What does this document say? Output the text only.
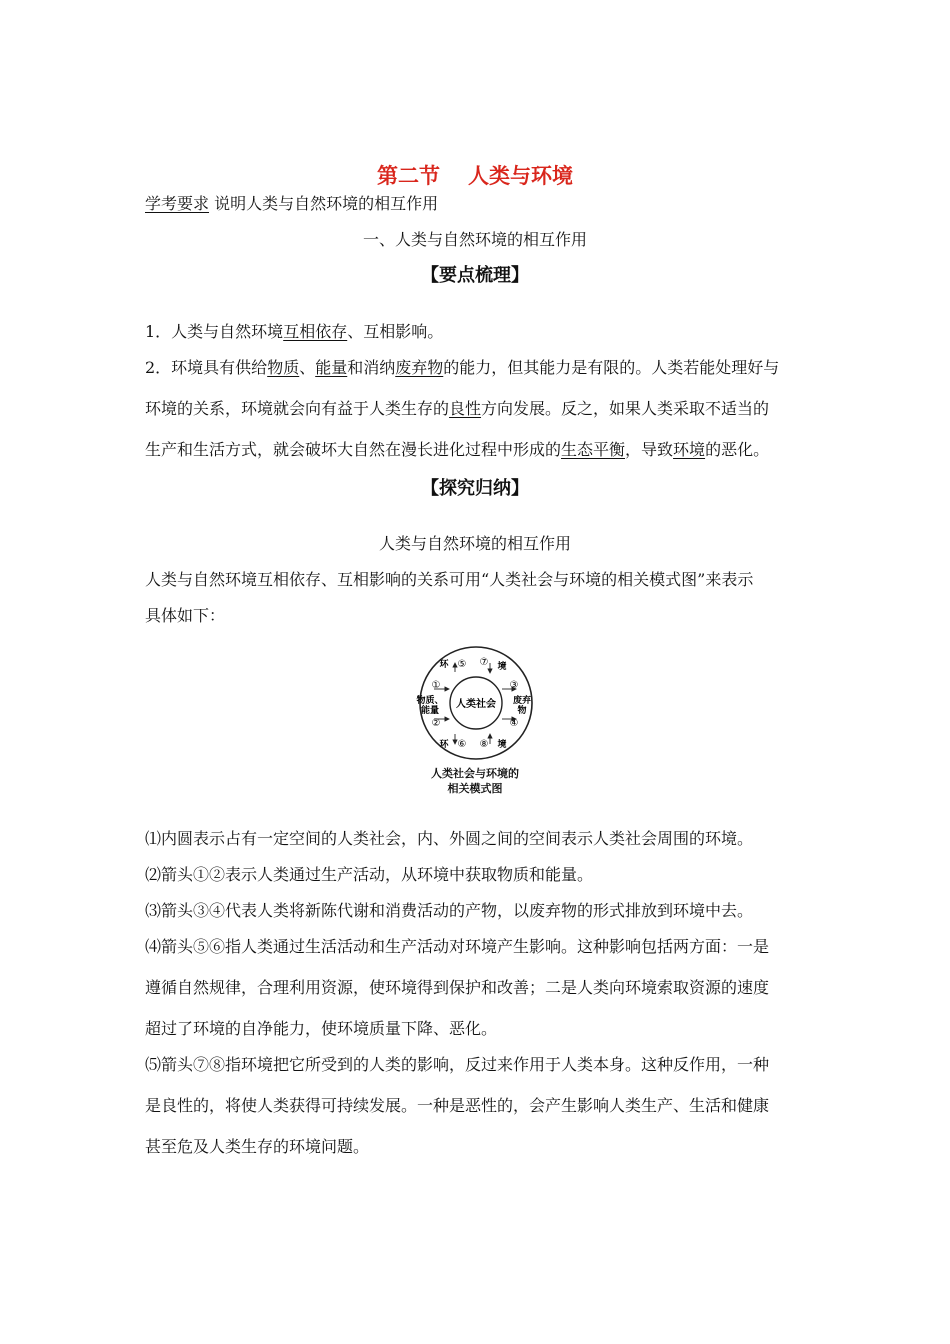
第二节 人类与环境
学考要求 说明人类与自然环境的相互作用
一、人类与自然环境的相互作用
【要点梳理】
1．人类与自然环境互相依存、互相影响。
2．环境具有供给物质、能量和消纳废弃物的能力，但其能力是有限的。人类若能处理好与
环境的关系，环境就会向有益于人类生存的良性方向发展。反之，如果人类采取不适当的
生产和生活方式，就会破坏大自然在漫长进化过程中形成的生态平衡，导致环境的恶化。
【探究归纳】
人类与自然环境的相互作用
人类与自然环境互相依存、互相影响的关系可用“人类社会与环境的相关模式图”来表示
具体如下：
人类社会
环 ⑤ ⑦ 境
环 ⑥ ⑧ 境
①
物质、
能量
②
③
废弃
物
④
人类社会与环境的
相关模式图
⑴内圆表示占有一定空间的人类社会，内、外圆之间的空间表示人类社会周围的环境。
⑵箭头①②表示人类通过生产活动，从环境中获取物质和能量。
⑶箭头③④代表人类将新陈代谢和消费活动的产物，以废弃物的形式排放到环境中去。
⑷箭头⑤⑥指人类通过生活活动和生产活动对环境产生影响。这种影响包括两方面：一是
遵循自然规律，合理利用资源，使环境得到保护和改善；二是人类向环境索取资源的速度
超过了环境的自净能力，使环境质量下降、恶化。
⑸箭头⑦⑧指环境把它所受到的人类的影响，反过来作用于人类本身。这种反作用，一种
是良性的，将使人类获得可持续发展。一种是恶性的，会产生影响人类生产、生活和健康
甚至危及人类生存的环境问题。
